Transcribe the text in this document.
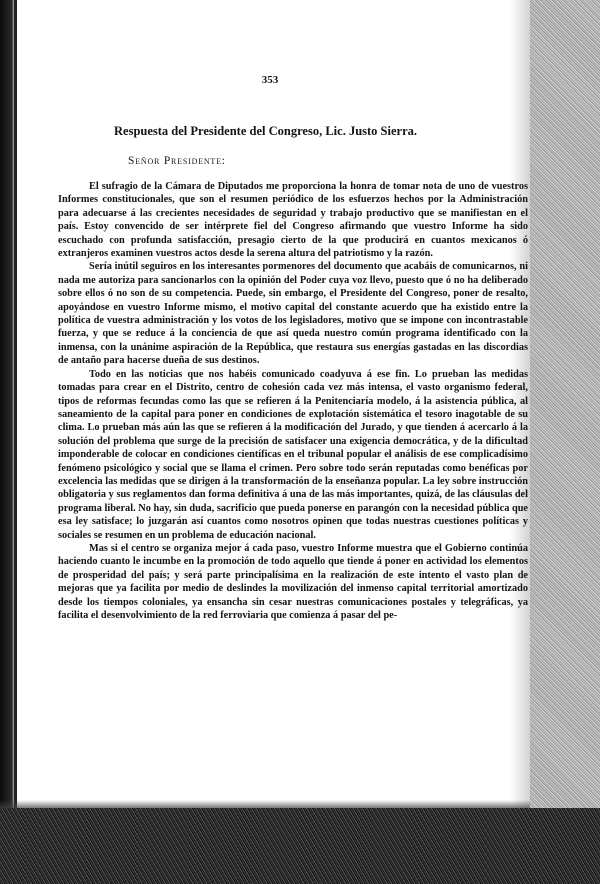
353
Respuesta del Presidente del Congreso, Lic. Justo Sierra.
Señor Presidente:

El sufragio de la Cámara de Diputados me proporciona la honra de tomar nota de uno de vuestros Informes constitucionales, que son el resumen periódico de los esfuerzos hechos por la Administración para adecuarse á las crecientes necesidades de seguridad y trabajo productivo que se manifiestan en el país. Estoy convencido de ser intérprete fiel del Congreso afirmando que vuestro Informe ha sido escuchado con profunda satisfacción, presagio cierto de la que producirá en cuantos mexicanos ó extranjeros examinen vuestros actos desde la serena altura del patriotismo y la razón.

Sería inútil seguiros en los interesantes pormenores del documento que acabáis de comunicarnos, ni nada me autoriza para sancionarlos con la opinión del Poder cuya voz llevo, puesto que ó no ha deliberado sobre ellos ó no son de su competencia. Puede, sin embargo, el Presidente del Congreso, poner de resalto, apoyándose en vuestro Informe mismo, el motivo capital del constante acuerdo que ha existido entre la política de vuestra administración y los votos de los legisladores, motivo que se impone con incontrastable fuerza, y que se reduce á la conciencia de que así queda nuestro común programa identificado con la inmensa, con la unánime aspiración de la República, que restaura sus energías gastadas en las discordias de antaño para hacerse dueña de sus destinos.

Todo en las noticias que nos habéis comunicado coadyuva á ese fin. Lo prueban las medidas tomadas para crear en el Distrito, centro de cohesión cada vez más intensa, el vasto organismo federal, tipos de reformas fecundas como las que se refieren á la Penitenciaría modelo, á la asistencia pública, al saneamiento de la capital para poner en condiciones de explotación sistemática el tesoro inagotable de su clima. Lo prueban más aún las que se refieren á la modificación del Jurado, y que tienden á acercarlo á la solución del problema que surge de la precisión de satisfacer una exigencia democrática, y de la dificultad imponderable de colocar en condiciones científicas en el tribunal popular el análisis de ese complicadísimo fenómeno psicológico y social que se llama el crimen. Pero sobre todo serán reputadas como benéficas por excelencia las medidas que se dirigen á la transformación de la enseñanza popular. La ley sobre instrucción obligatoria y sus reglamentos dan forma definitiva á una de las más importantes, quizá, de las cláusulas del programa liberal. No hay, sin duda, sacrificio que pueda ponerse en parangón con la necesidad pública que esa ley satisface; lo juzgarán así cuantos como nosotros opinen que todas nuestras cuestiones políticas y sociales se resumen en un problema de educación nacional.

Mas si el centro se organiza mejor á cada paso, vuestro Informe muestra que el Gobierno continúa haciendo cuanto le incumbe en la promoción de todo aquello que tiende á poner en actividad los elementos de prosperidad del país; y será parte principalísima en la realización de este intento el vasto plan de mejoras que ya facilita por medio de deslindes la movilización del inmenso capital territorial amortizado desde los tiempos coloniales, ya ensancha sin cesar nuestras comunicaciones postales y telegráficas, ya facilita el desenvolvimiento de la red ferroviaria que comienza á pasar del pe-
